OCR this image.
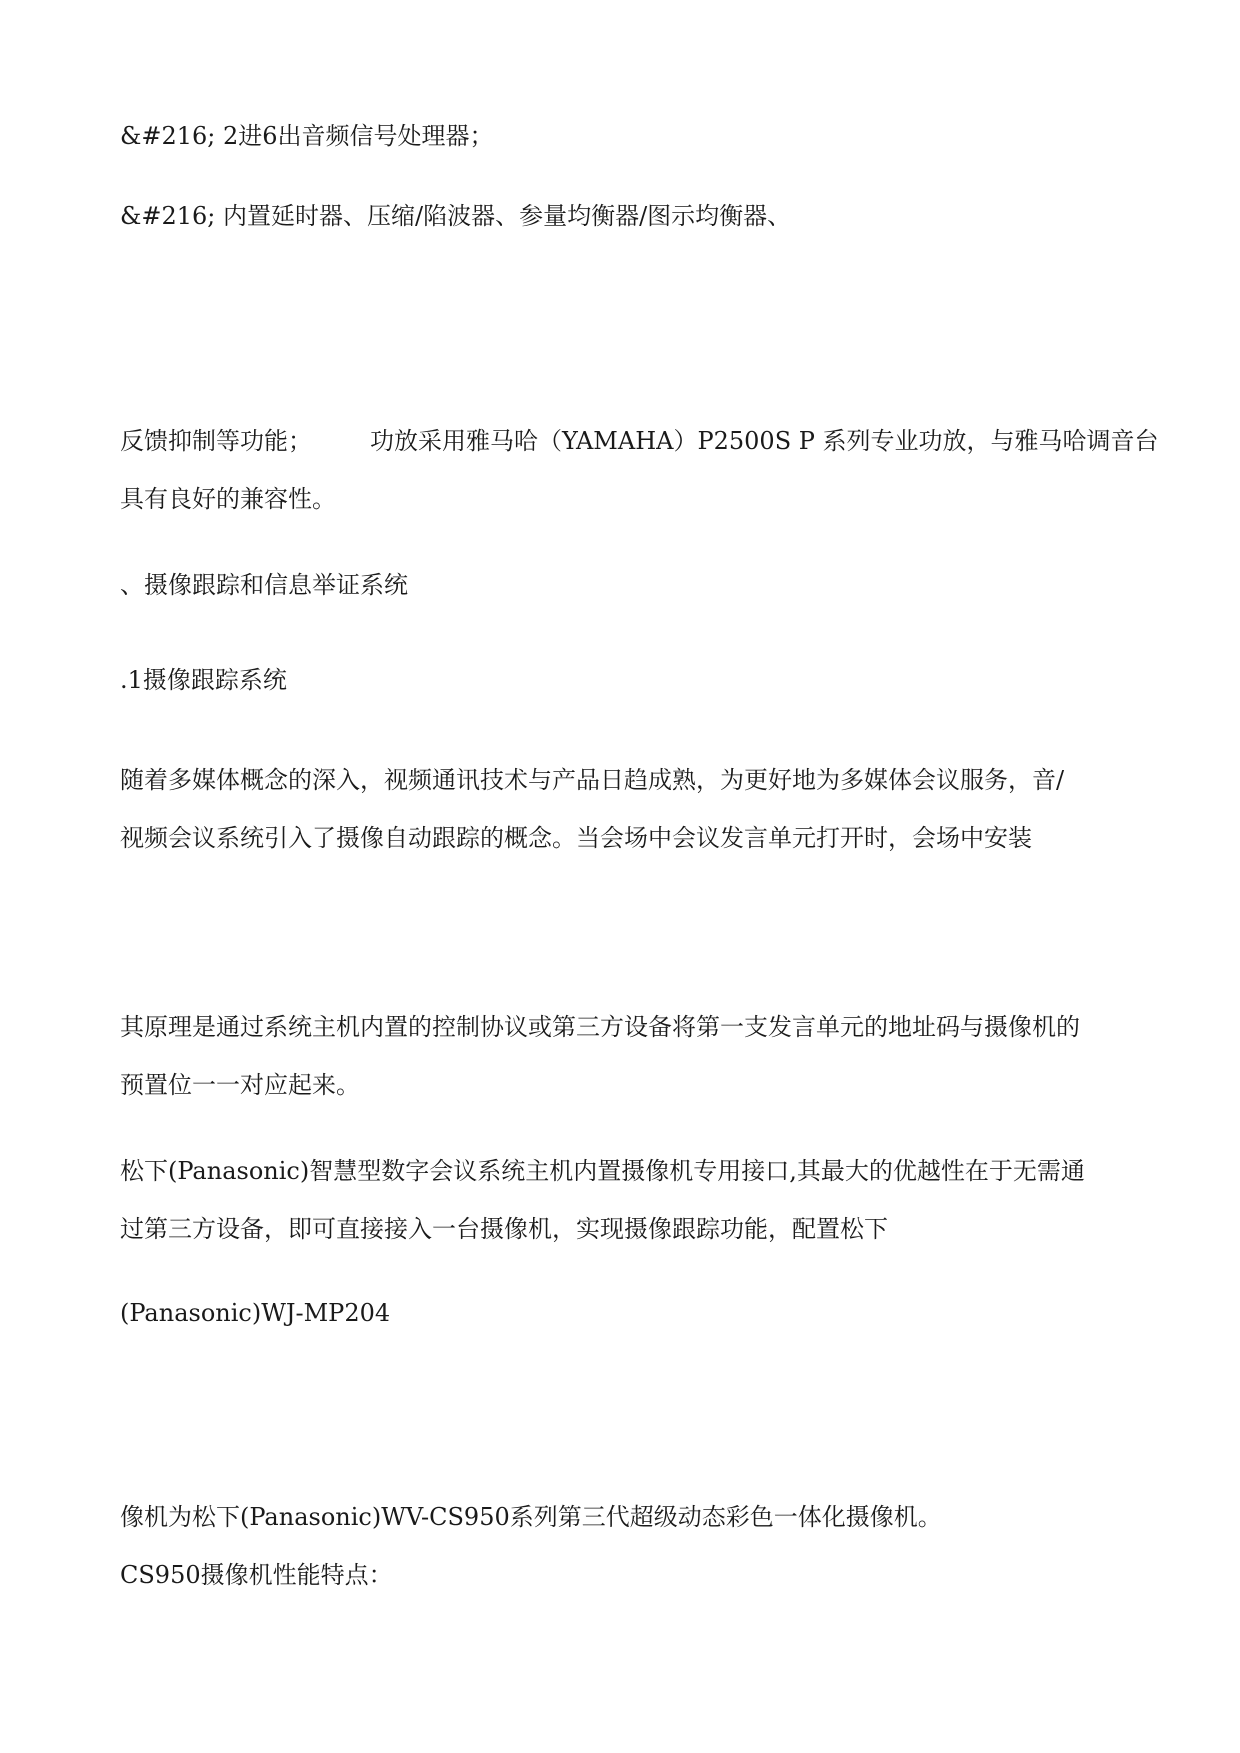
&#216; 2进6出音频信号处理器；

&#216; 内置延时器、压缩/陷波器、参量均衡器/图示均衡器、

反馈抑制等功能； 功放采用雅马哈（YAMAHA）P2500S P 系列专业功放，与雅马哈调音台
具有良好的兼容性。

、摄像跟踪和信息举证系统

.1摄像跟踪系统

随着多媒体概念的深入，视频通讯技术与产品日趋成熟，为更好地为多媒体会议服务，音/
视频会议系统引入了摄像自动跟踪的概念。当会场中会议发言单元打开时，会场中安装

其原理是通过系统主机内置的控制协议或第三方设备将第一支发言单元的地址码与摄像机的
预置位一一对应起来。

松下(Panasonic)智慧型数字会议系统主机内置摄像机专用接口,其最大的优越性在于无需通
过第三方设备，即可直接接入一台摄像机，实现摄像跟踪功能，配置松下

(Panasonic)WJ-MP204

像机为松下(Panasonic)WV-CS950系列第三代超级动态彩色一体化摄像机。
CS950摄像机性能特点：
